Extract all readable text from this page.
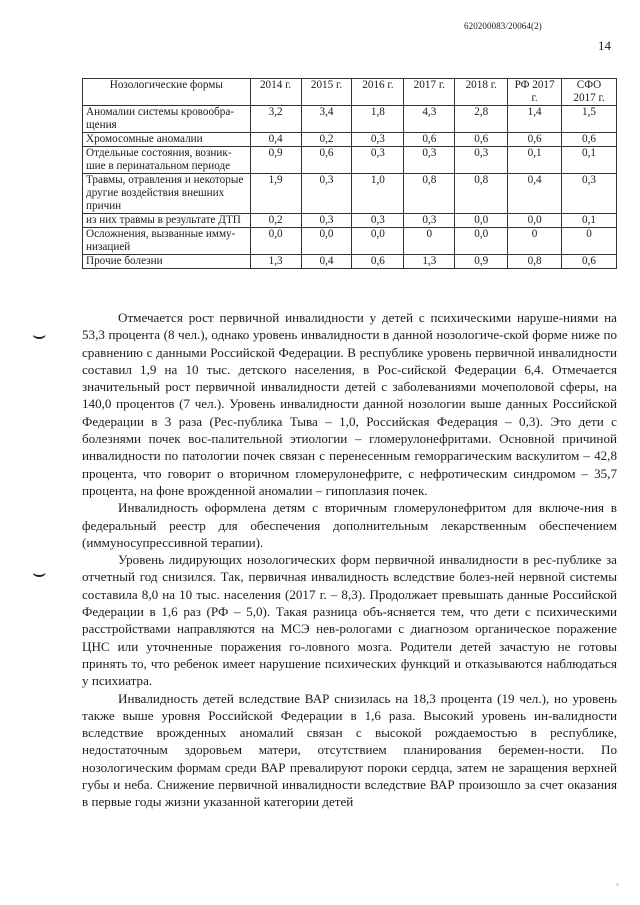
620200083/20064(2)
14
Нозологические формы	2014 г.	2015 г.	2016 г.	2017 г.	2018 г.	РФ 2017 г.	СФО 2017 г.
Аномалии системы кровообра-щения	3,2	3,4	1,8	4,3	2,8	1,4	1,5
Хромосомные аномалии	0,4	0,2	0,3	0,6	0,6	0,6	0,6
Отдельные состояния, возник-шие в перинатальном периоде	0,9	0,6	0,3	0,3	0,3	0,1	0,1
Травмы, отравления и некоторые другие воздействия внешних причин	1,9	0,3	1,0	0,8	0,8	0,4	0,3
из них травмы в результате ДТП	0,2	0,3	0,3	0,3	0,0	0,0	0,1
Осложнения, вызванные имму-низацией	0,0	0,0	0,0	0	0,0	0	0
Прочие болезни	1,3	0,4	0,6	1,3	0,9	0,8	0,6
⌣
⌣

Отмечается рост первичной инвалидности у детей с психическими наруше-ниями на 53,3 процента (8 чел.), однако уровень инвалидности в данной нозологиче-ской форме ниже по сравнению с данными Российской Федерации. В республике уровень первичной инвалидности составил 1,9 на 10 тыс. детского населения, в Рос-сийской Федерации 6,4. Отмечается значительный рост первичной инвалидности детей с заболеваниями мочеполовой сферы, на 140,0 процентов (7 чел.). Уровень инвалидности данной нозологии выше данных Российской Федерации в 3 раза (Рес-публика Тыва – 1,0, Российская Федерация – 0,3). Это дети с болезнями почек вос-палительной этиологии – гломерулонефритами. Основной причиной инвалидности по патологии почек связан с перенесенным геморрагическим васкулитом – 42,8 процента, что говорит о вторичном гломерулонефрите, с нефротическим синдромом – 35,7 процента, на фоне врожденной аномалии – гипоплазия почек.

Инвалидность оформлена детям с вторичным гломерулонефритом для включе-ния в федеральный реестр для обеспечения дополнительным лекарственным обеспечением (иммуносупрессивной терапии).

Уровень лидирующих нозологических форм первичной инвалидности в рес-публике за отчетный год снизился. Так, первичная инвалидность вследствие болез-ней нервной системы составила 8,0 на 10 тыс. населения (2017 г. – 8,3). Продолжает превышать данные Российской Федерации в 1,6 раз (РФ – 5,0). Такая разница объ-ясняется тем, что дети с психическими расстройствами направляются на МСЭ нев-рологами с диагнозом органическое поражение ЦНС или уточненные поражения го-ловного мозга. Родители детей зачастую не готовы принять то, что ребенок имеет нарушение психических функций и отказываются наблюдаться у психиатра.

Инвалидность детей вследствие ВАР снизилась на 18,3 процента (19 чел.), но уровень также выше уровня Российской Федерации в 1,6 раза. Высокий уровень ин-валидности вследствие врожденных аномалий связан с высокой рождаемостью в республике, недостаточным здоровьем матери, отсутствием планирования беремен-ности. По нозологическим формам среди ВАР превалируют пороки сердца, затем не заращения верхней губы и неба. Снижение первичной инвалидности вследствие ВАР произошло за счет оказания в первые годы жизни указанной категории детей

◦
